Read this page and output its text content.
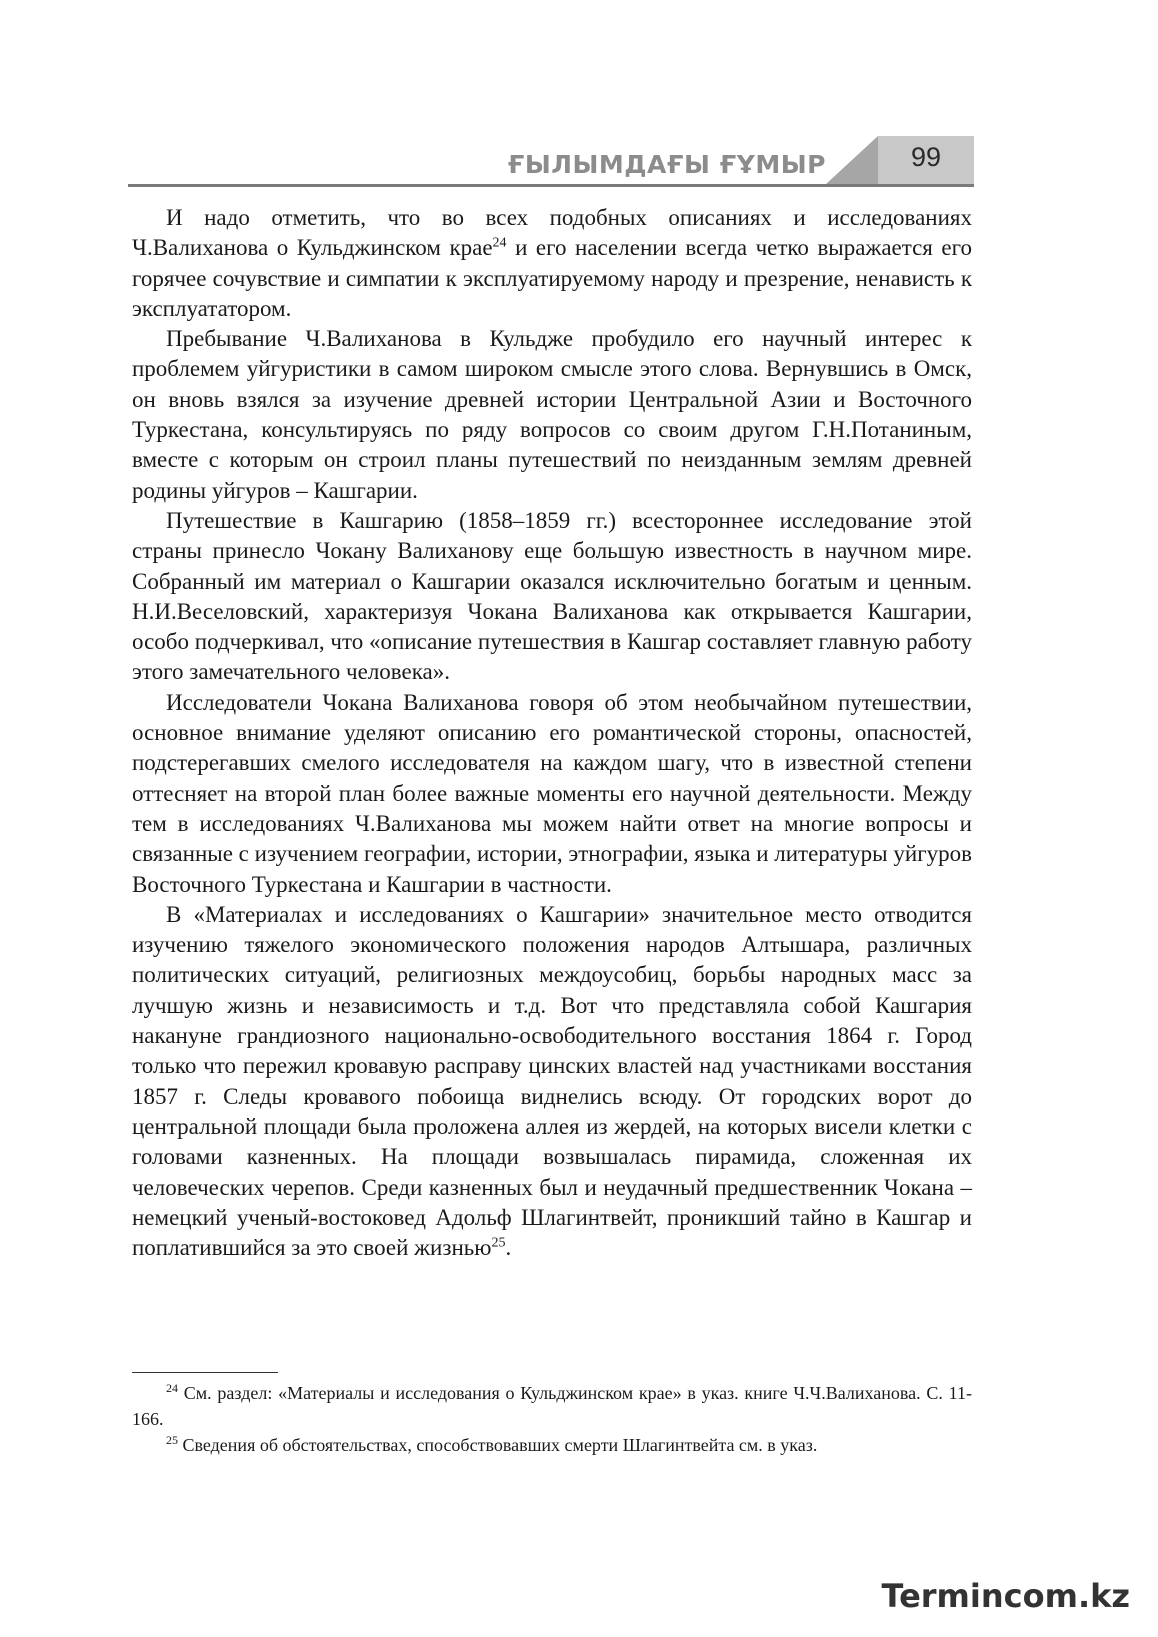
ҒЫЛЫМДАҒЫ ҒҰМЫР	99

И надо отметить, что во всех подобных описаниях и исследованиях Ч.Валиханова о Кульджинском крае$^{24}$ и его населении всегда четко выражается его горячее сочувствие и симпатии к эксплуатируемому народу и презрение, ненависть к эксплуататором.

Пребывание Ч.Валиханова в Кульдже пробудило его научный интерес к проблемем уйгуристики в самом широком смысле этого слова. Вернувшись в Омск, он вновь взялся за изучение древней истории Центральной Азии и Восточного Туркестана, консультируясь по ряду вопросов со своим другом Г.Н.Потаниным, вместе с которым он строил планы путешествий по неизданным землям древней родины уйгуров – Кашгарии.

Путешествие в Кашгарию (1858–1859 гг.) всестороннее исследование этой страны принесло Чокану Валиханову еще большую известность в научном мире. Собранный им материал о Кашгарии оказался исключительно богатым и ценным. Н.И.Веселовский, характеризуя Чокана Валиханова как открывается Кашгарии, особо подчеркивал, что «описание путешествия в Кашгар составляет главную работу этого замечательного человека».

Исследователи Чокана Валиханова говоря об этом необычайном путешествии, основное внимание уделяют описанию его романтической стороны, опасностей, подстерегавших смелого исследователя на каждом шагу, что в известной степени оттесняет на второй план более важные моменты его научной деятельности. Между тем в исследованиях Ч.Валиханова мы можем найти ответ на многие вопросы и связанные с изучением географии, истории, этнографии, языка и литературы уйгуров Восточного Туркестана и Кашгарии в частности.

В «Материалах и исследованиях о Кашгарии» значительное место отводится изучению тяжелого экономического положения народов Алтышара, различных политических ситуаций, религиозных междоусобиц, борьбы народных масс за лучшую жизнь и независимость и т.д. Вот что представляла собой Кашгария накануне грандиозного национально-освободительного восстания 1864 г. Город только что пережил кровавую расправу цинских властей над участниками восстания 1857 г. Следы кровавого побоища виднелись всюду. От городских ворот до центральной площади была проложена аллея из жердей, на которых висели клетки с головами казненных. На площади возвышалась пирамида, сложенная их человеческих черепов. Среди казненных был и неудачный предшественник Чокана – немецкий ученый-востоковед Адольф Шлагинтвейт, проникший тайно в Кашгар и поплатившийся за это своей жизнью$^{25}$.

$^{24}$ См. раздел: «Материалы и исследования о Кульджинском крае» в указ. книге Ч.Ч.Валиханова. С. 11-166.

$^{25}$ Сведения об обстоятельствах, способствовавших смерти Шлагинтвейта см. в указ.

Termincom.kz
